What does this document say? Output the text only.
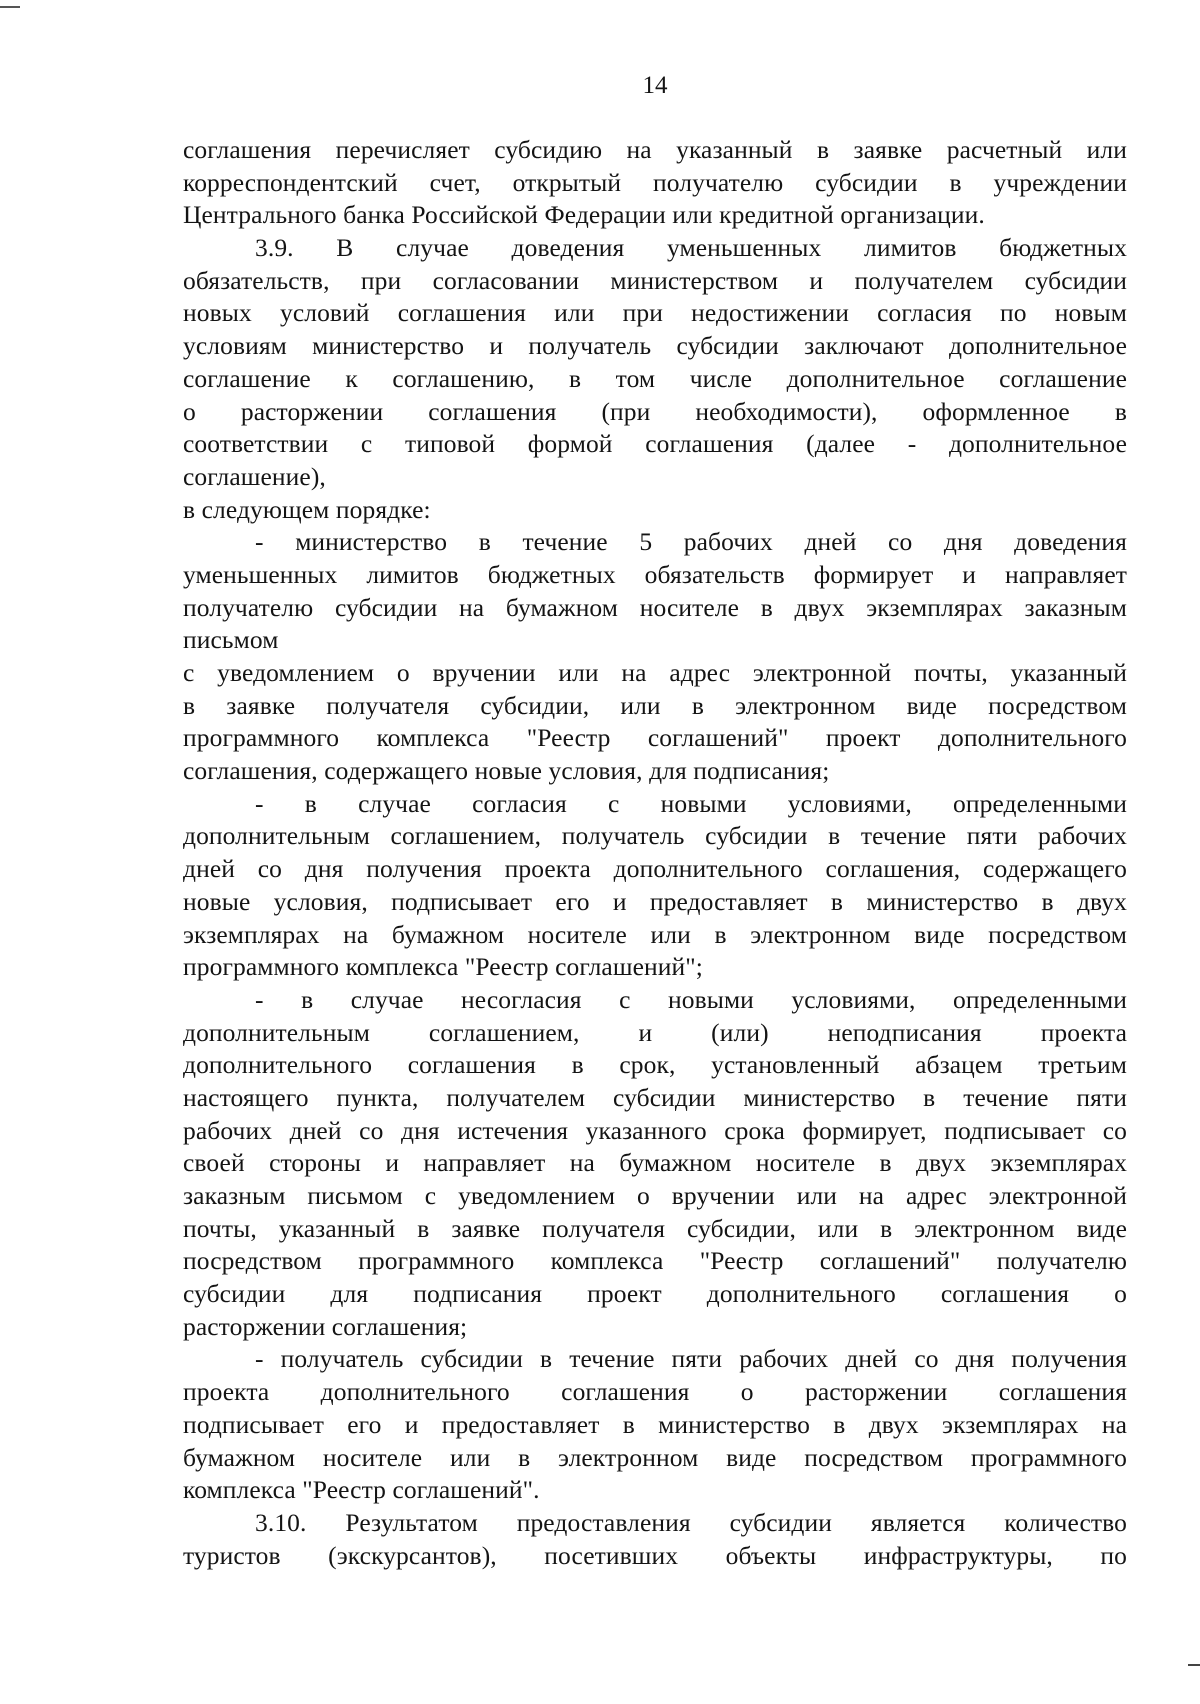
14
соглашения перечисляет субсидию на указанный в заявке расчетный или
корреспондентский счет, открытый получателю субсидии в учреждении
Центрального банка Российской Федерации или кредитной организации.
3.9. В случае доведения уменьшенных лимитов бюджетных
обязательств, при согласовании министерством и получателем субсидии
новых условий соглашения или при недостижении согласия по новым
условиям министерство и получатель субсидии заключают дополнительное
соглашение к соглашению, в том числе дополнительное соглашение
о расторжении соглашения (при необходимости), оформленное в
соответствии с типовой формой соглашения (далее - дополнительное
соглашение),
в следующем порядке:
- министерство в течение 5 рабочих дней со дня доведения
уменьшенных лимитов бюджетных обязательств формирует и направляет
получателю субсидии на бумажном носителе в двух экземплярах заказным
письмом
с уведомлением о вручении или на адрес электронной почты, указанный
в заявке получателя субсидии, или в электронном виде посредством
программного комплекса "Реестр соглашений" проект дополнительного
соглашения, содержащего новые условия, для подписания;
- в случае согласия с новыми условиями, определенными
дополнительным соглашением, получатель субсидии в течение пяти рабочих
дней со дня получения проекта дополнительного соглашения, содержащего
новые условия, подписывает его и предоставляет в министерство в двух
экземплярах на бумажном носителе или в электронном виде посредством
программного комплекса "Реестр соглашений";
- в случае несогласия с новыми условиями, определенными
дополнительным соглашением, и (или) неподписания проекта
дополнительного соглашения в срок, установленный абзацем третьим
настоящего пункта, получателем субсидии министерство в течение пяти
рабочих дней со дня истечения указанного срока формирует, подписывает со
своей стороны и направляет на бумажном носителе в двух экземплярах
заказным письмом с уведомлением о вручении или на адрес электронной
почты, указанный в заявке получателя субсидии, или в электронном виде
посредством программного комплекса "Реестр соглашений" получателю
субсидии для подписания проект дополнительного соглашения о
расторжении соглашения;
- получатель субсидии в течение пяти рабочих дней со дня получения
проекта дополнительного соглашения о расторжении соглашения
подписывает его и предоставляет в министерство в двух экземплярах на
бумажном носителе или в электронном виде посредством программного
комплекса "Реестр соглашений".
3.10. Результатом предоставления субсидии является количество
туристов (экскурсантов), посетивших объекты инфраструктуры, по
